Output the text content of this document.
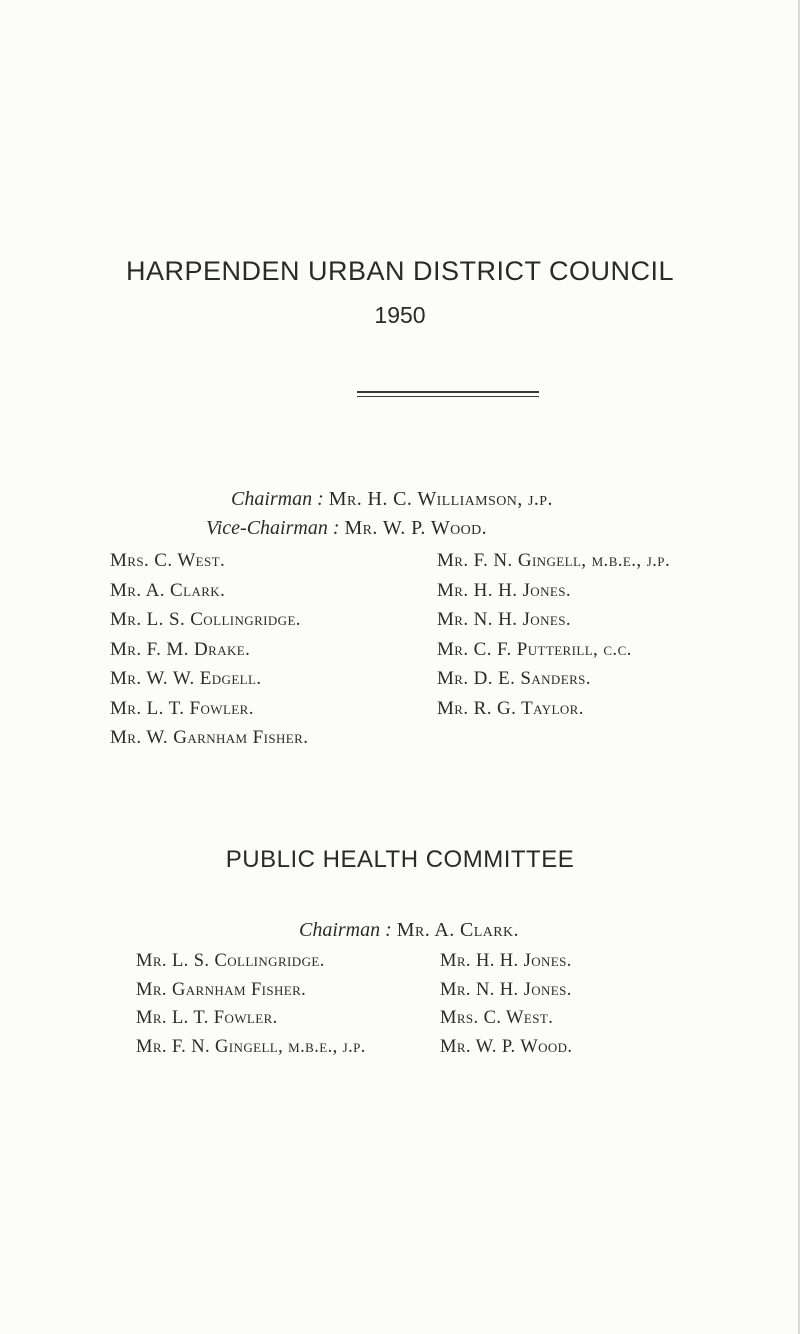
HARPENDEN URBAN DISTRICT COUNCIL
1950
Chairman : Mr. H. C. Williamson, j.p.
Vice-Chairman : Mr. W. P. Wood.
Mrs. C. West.
Mr. A. Clark.
Mr. L. S. Collingridge.
Mr. F. M. Drake.
Mr. W. W. Edgell.
Mr. L. T. Fowler.
Mr. W. Garnham Fisher.
Mr. F. N. Gingell, m.b.e., j.p.
Mr. H. H. Jones.
Mr. N. H. Jones.
Mr. C. F. Putterill, c.c.
Mr. D. E. Sanders.
Mr. R. G. Taylor.
PUBLIC HEALTH COMMITTEE
Chairman : Mr. A. Clark.
Mr. L. S. Collingridge.
Mr. Garnham Fisher.
Mr. L. T. Fowler.
Mr. F. N. Gingell, m.b.e., j.p.
Mr. H. H. Jones.
Mr. N. H. Jones.
Mrs. C. West.
Mr. W. P. Wood.
